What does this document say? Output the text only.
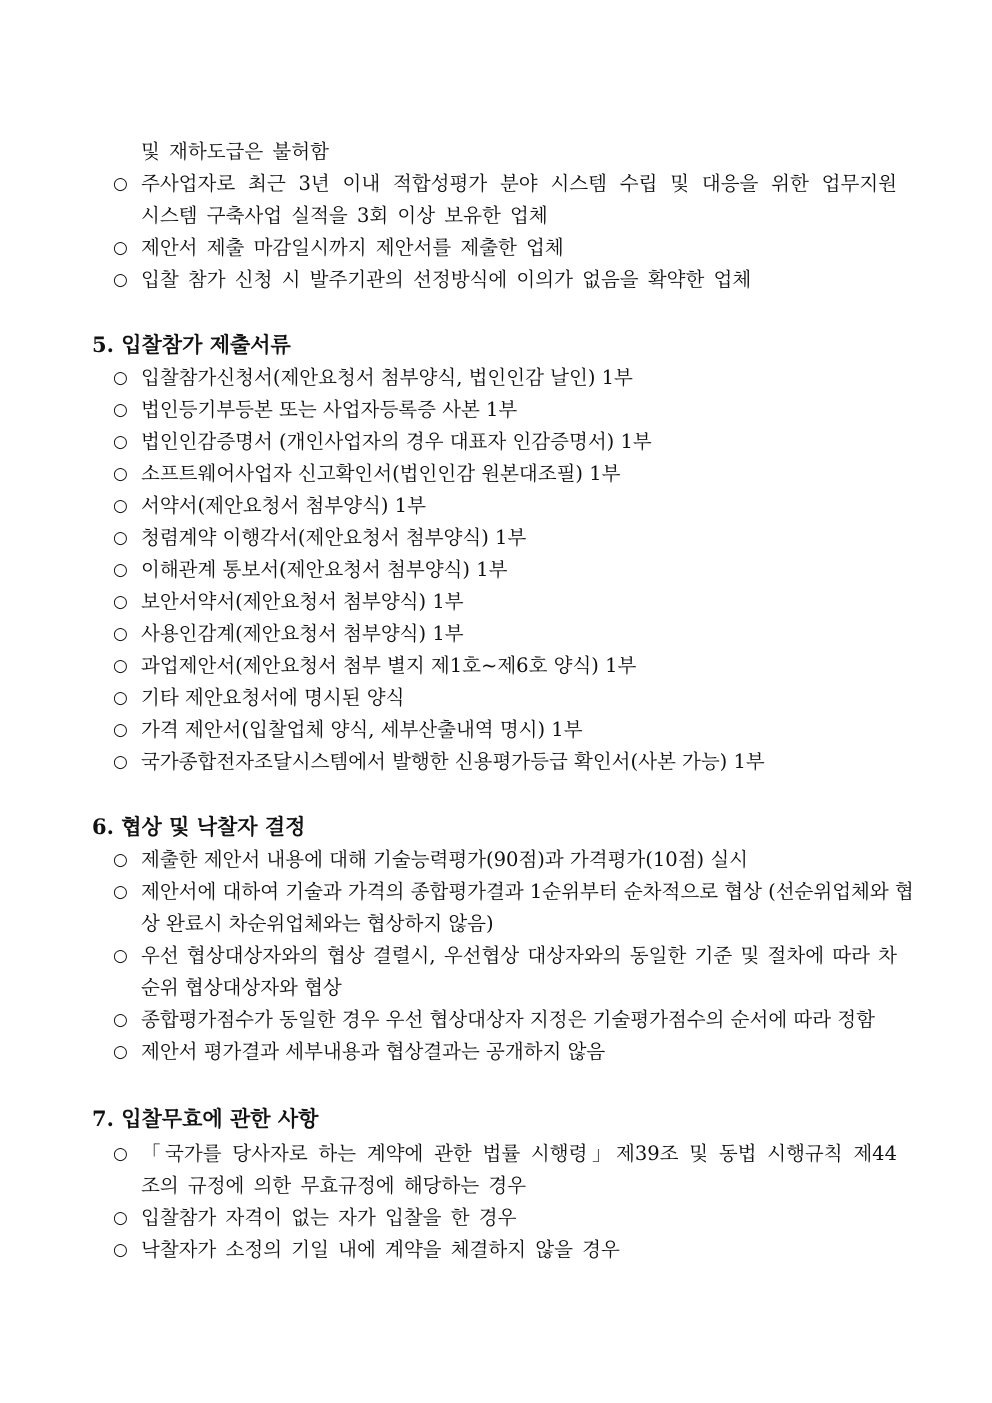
및 재하도급은 불허함
○ 주사업자로 최근 3년 이내 적합성평가 분야 시스템 수립 및 대응을 위한 업무지원
시스템 구축사업 실적을 3회 이상 보유한 업체
○ 제안서 제출 마감일시까지 제안서를 제출한 업체
○ 입찰 참가 신청 시 발주기관의 선정방식에 이의가 없음을 확약한 업체
5. 입찰참가 제출서류
○ 입찰참가신청서(제안요청서 첨부양식, 법인인감 날인) 1부
○ 법인등기부등본 또는 사업자등록증 사본 1부
○ 법인인감증명서 (개인사업자의 경우 대표자 인감증명서) 1부
○ 소프트웨어사업자 신고확인서(법인인감 원본대조필) 1부
○ 서약서(제안요청서 첨부양식) 1부
○ 청렴계약 이행각서(제안요청서 첨부양식) 1부
○ 이해관계 통보서(제안요청서 첨부양식) 1부
○ 보안서약서(제안요청서 첨부양식) 1부
○ 사용인감계(제안요청서 첨부양식) 1부
○ 과업제안서(제안요청서 첨부 별지 제1호~제6호 양식) 1부
○ 기타 제안요청서에 명시된 양식
○ 가격 제안서(입찰업체 양식, 세부산출내역 명시) 1부
○ 국가종합전자조달시스템에서 발행한 신용평가등급 확인서(사본 가능) 1부
6. 협상 및 낙찰자 결정
○ 제출한 제안서 내용에 대해 기술능력평가(90점)과 가격평가(10점) 실시
○ 제안서에 대하여 기술과 가격의 종합평가결과 1순위부터 순차적으로 협상 (선순위업체와 협
상 완료시 차순위업체와는 협상하지 않음)
○ 우선 협상대상자와의 협상 결렬시, 우선협상 대상자와의 동일한 기준 및 절차에 따라 차
순위 협상대상자와 협상
○ 종합평가점수가 동일한 경우 우선 협상대상자 지정은 기술평가점수의 순서에 따라 정함
○ 제안서 평가결과 세부내용과 협상결과는 공개하지 않음
7. 입찰무효에 관한 사항
○ 「국가를 당사자로 하는 계약에 관한 법률 시행령」제39조 및 동법 시행규칙 제44
조의 규정에 의한 무효규정에 해당하는 경우
○ 입찰참가 자격이 없는 자가 입찰을 한 경우
○ 낙찰자가 소정의 기일 내에 계약을 체결하지 않을 경우
